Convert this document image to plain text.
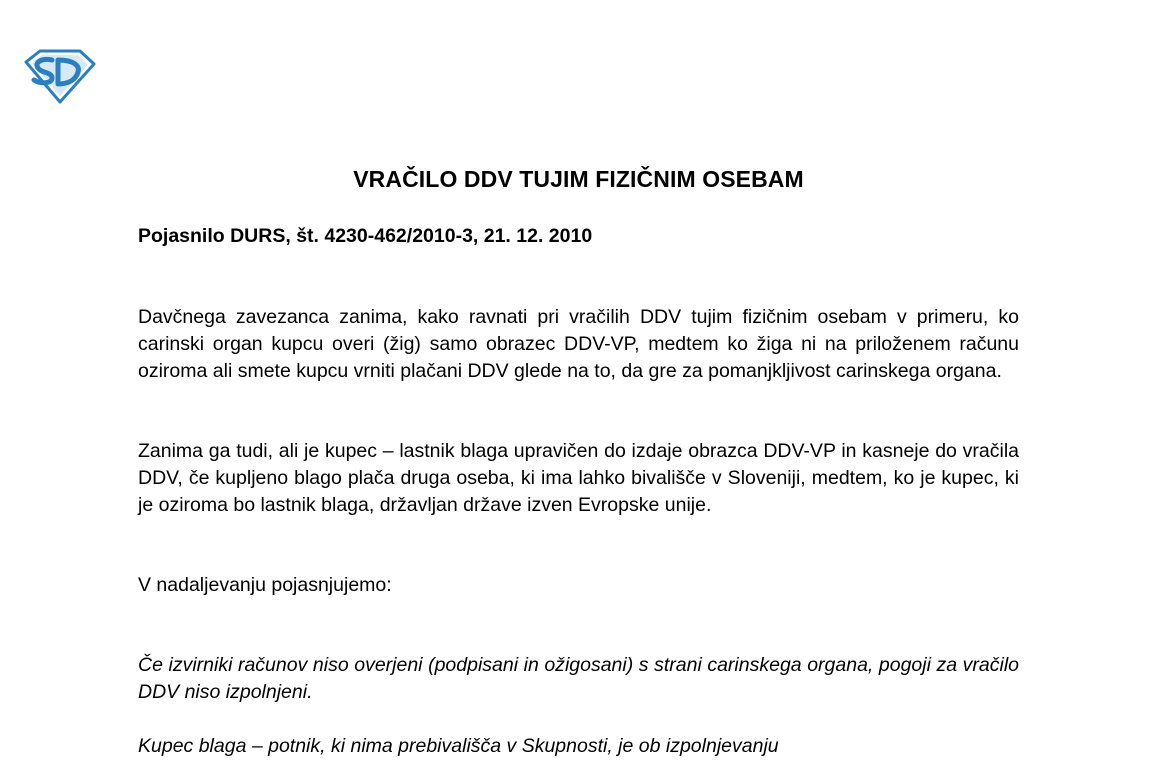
VRAČILO DDV TUJIM FIZIČNIM OSEBAM

Pojasnilo DURS, št. 4230-462/2010-3, 21. 12. 2010

Davčnega zavezanca zanima, kako ravnati pri vračilih DDV tujim fizičnim osebam v primeru, ko carinski organ kupcu overi (žig) samo obrazec DDV-VP, medtem ko žiga ni na priloženem računu oziroma ali smete kupcu vrniti plačani DDV glede na to, da gre za pomanjkljivost carinskega organa.

Zanima ga tudi, ali je kupec – lastnik blaga upravičen do izdaje obrazca DDV-VP in kasneje do vračila DDV, če kupljeno blago plača druga oseba, ki ima lahko bivališče v Sloveniji, medtem, ko je kupec, ki je oziroma bo lastnik blaga, državljan države izven Evropske unije.

V nadaljevanju pojasnjujemo:

Če izvirniki računov niso overjeni (podpisani in ožigosani) s strani carinskega organa, pogoji za vračilo DDV niso izpolnjeni.

Kupec blaga – potnik, ki nima prebivališča v Skupnosti, je ob izpolnjevanju
